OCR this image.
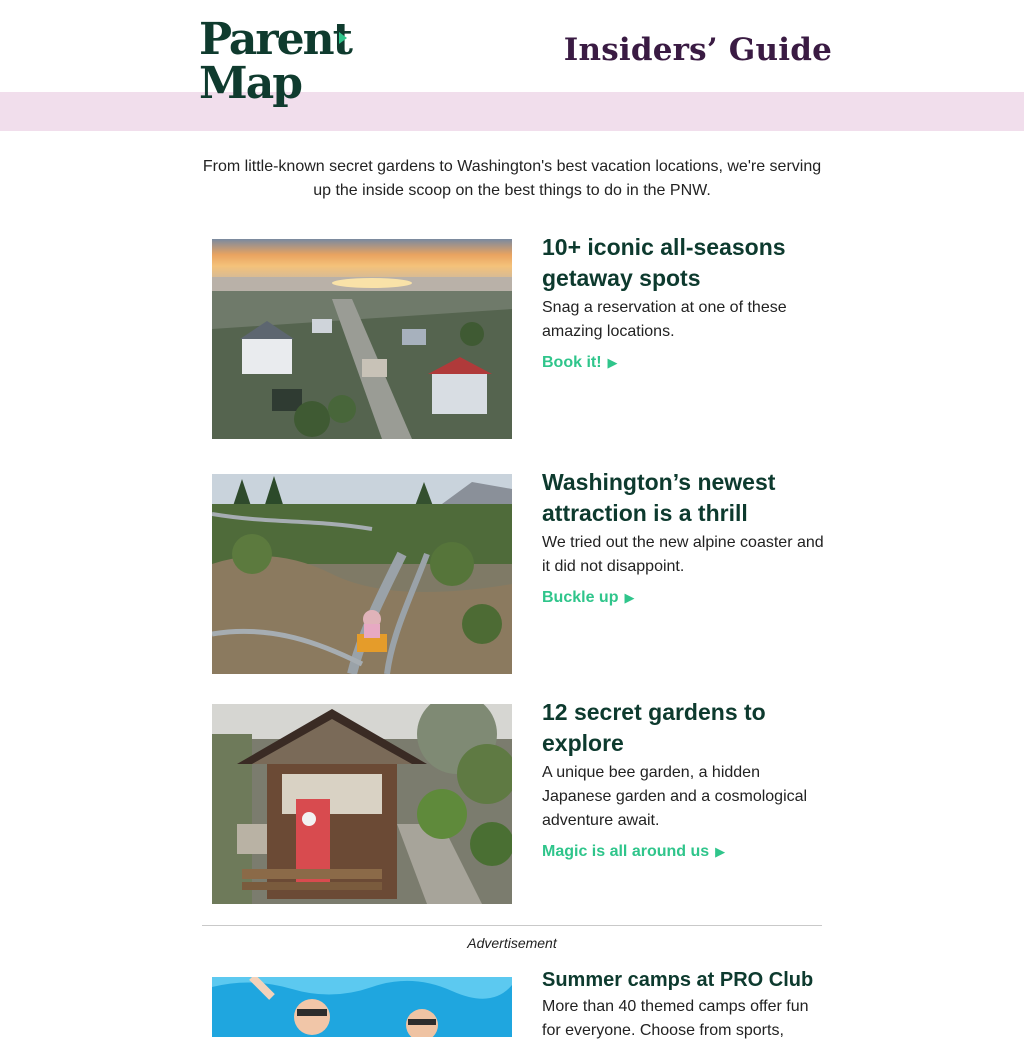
Parent
Map
Insiders’ Guide
From little-known secret gardens to Washington's best vacation locations, we're serving up the inside scoop on the best things to do in the PNW.
10+ iconic all-seasons getaway spots

Snag a reservation at one of these amazing locations.

Book it! ▶
Washington’s newest attraction is a thrill

We tried out the new alpine coaster and it did not disappoint.

Buckle up ▶
12 secret gardens to explore

A unique bee garden, a hidden Japanese garden and a cosmological adventure await.

Magic is all around us ▶
Advertisement
Summer camps at PRO Club

More than 40 themed camps offer fun for everyone. Choose from sports,
